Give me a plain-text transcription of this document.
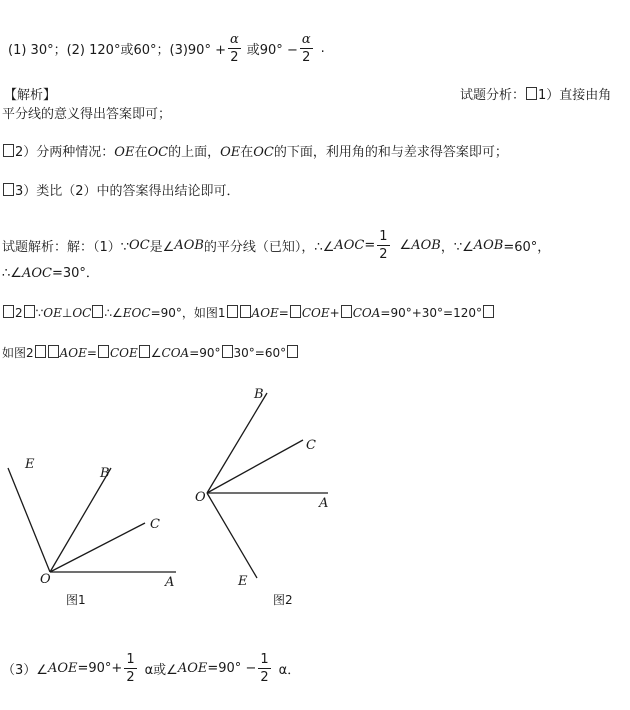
(1) 30°；(2) 120°或60°；$(3)90^\circ + \frac{\alpha}{2}$ 或$90^\circ - \frac{\alpha}{2}$ .
【解析】	试题分析： 1）直接由角
平分线的意义得出答案即可；
2）分两种情况：OE在OC的上面，OE在OC的下面，利用角的和与差求得答案即可；
3）类比（2）中的答案得出结论即可．
试题解析：解：（1）∵ OC 是∠ AOB 的平分线（已知），∴∠ AOC = $\frac{1}{2}$ ∠ AOB ，∵∠ AOB =60°，
∴∠AOC=30°．
2 ∵OE⊥OC ∴∠EOC=90°，如图1 AOE= COE+ COA=90°+30°=120°
如图2 AOE= COE ∠COA=90° 30°=60°
E
B
C
O	A
图1
B
C
O	A
E
图2
（3）∠ AOE $=90^\circ+ \frac{1}{2}$ α或∠ AOE $=90^\circ - \frac{1}{2}$ α．
